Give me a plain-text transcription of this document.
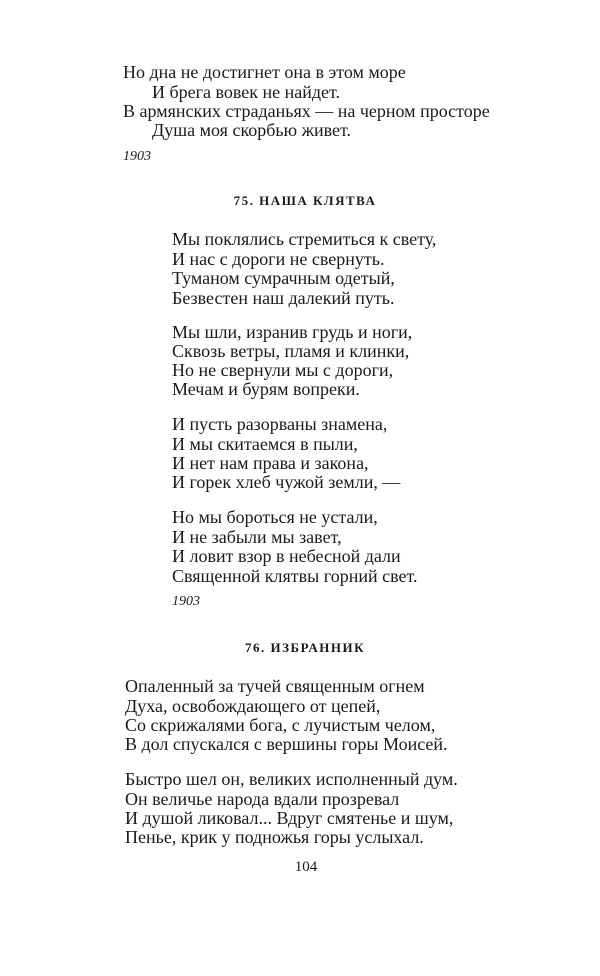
Но дна не достигнет она в этом море
И брега вовек не найдет.
В армянских страданьях — на черном просторе
Душа моя скорбью живет.
1903
75. НАША КЛЯТВА
Мы поклялись стремиться к свету,
И нас с дороги не свернуть.
Туманом сумрачным одетый,
Безвестен наш далекий путь.
Мы шли, изранив грудь и ноги,
Сквозь ветры, пламя и клинки,
Но не свернули мы с дороги,
Мечам и бурям вопреки.
И пусть разорваны знамена,
И мы скитаемся в пыли,
И нет нам права и закона,
И горек хлеб чужой земли, —
Но мы бороться не устали,
И не забыли мы завет,
И ловит взор в небесной дали
Священной клятвы горний свет.
1903
76. ИЗБРАННИК
Опаленный за тучей священным огнем
Духа, освобождающего от цепей,
Со скрижалями бога, с лучистым челом,
В дол спускался с вершины горы Моисей.
Быстро шел он, великих исполненный дум.
Он величье народа вдали прозревал
И душой ликовал... Вдруг смятенье и шум,
Пенье, крик у подножья горы услыхал.
104
